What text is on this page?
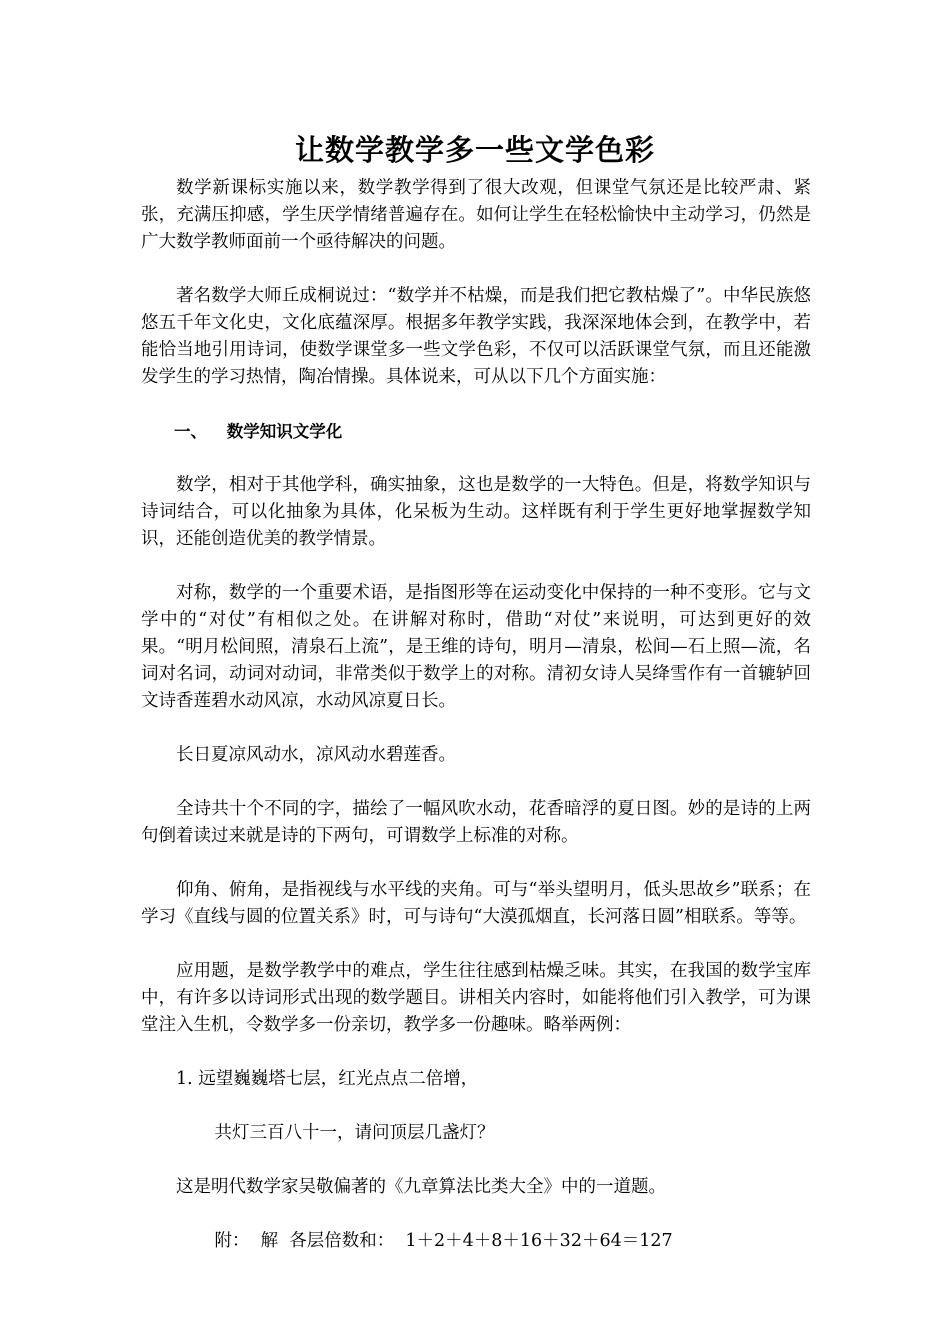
让数学教学多一些文学色彩

数学新课标实施以来，数学教学得到了很大改观，但课堂气氛还是比较严肃、紧张，充满压抑感，学生厌学情绪普遍存在。如何让学生在轻松愉快中主动学习，仍然是广大数学教师面前一个亟待解决的问题。

著名数学大师丘成桐说过：“数学并不枯燥，而是我们把它教枯燥了”。中华民族悠悠五千年文化史，文化底蕴深厚。根据多年教学实践，我深深地体会到，在教学中，若能恰当地引用诗词，使数学课堂多一些文学色彩，不仅可以活跃课堂气氛，而且还能激发学生的学习热情，陶冶情操。具体说来，可从以下几个方面实施：

一、 数学知识文学化

数学，相对于其他学科，确实抽象，这也是数学的一大特色。但是，将数学知识与诗词结合，可以化抽象为具体，化呆板为生动。这样既有利于学生更好地掌握数学知识，还能创造优美的教学情景。

对称，数学的一个重要术语，是指图形等在运动变化中保持的一种不变形。它与文学中的“对仗”有相似之处。在讲解对称时，借助“对仗”来说明，可达到更好的效果。“明月松间照，清泉石上流”，是王维的诗句，明月—清泉，松间—石上照—流，名词对名词，动词对动词，非常类似于数学上的对称。清初女诗人吴绛雪作有一首辘轳回文诗香莲碧水动风凉，水动风凉夏日长。

长日夏凉风动水，凉风动水碧莲香。

全诗共十个不同的字，描绘了一幅风吹水动，花香暗浮的夏日图。妙的是诗的上两句倒着读过来就是诗的下两句，可谓数学上标准的对称。

仰角、俯角，是指视线与水平线的夹角。可与“举头望明月，低头思故乡”联系；在学习《直线与圆的位置关系》时，可与诗句“大漠孤烟直，长河落日圆”相联系。等等。

应用题，是数学教学中的难点，学生往往感到枯燥乏味。其实，在我国的数学宝库中，有许多以诗词形式出现的数学题目。讲相关内容时，如能将他们引入教学，可为课堂注入生机，令数学多一份亲切，教学多一份趣味。略举两例：

1. 远望巍巍塔七层，红光点点二倍增，

共灯三百八十一，请问顶层几盏灯？

这是明代数学家吴敬偏著的《九章算法比类大全》中的一道题。

附：  解  各层倍数和：  1＋2＋4＋8＋16＋32＋64＝127
